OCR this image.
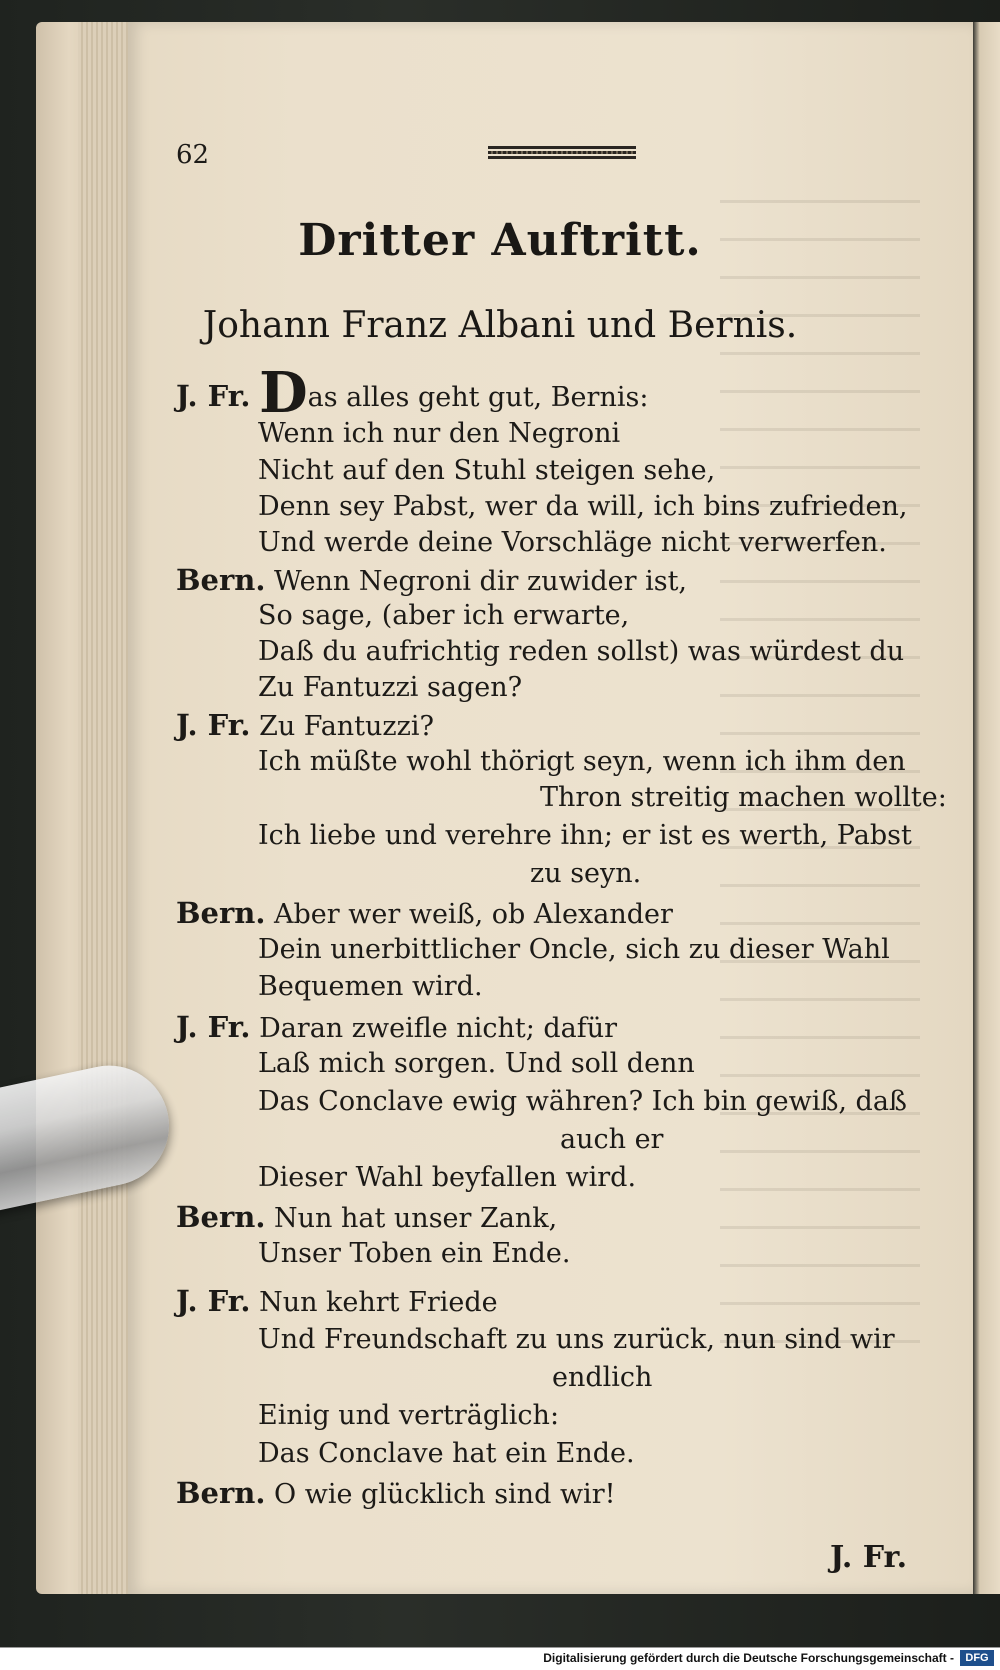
62
Dritter Auftritt.
Johann Franz Albani und Bernis.
J. Fr. Das alles geht gut, Bernis:
Wenn ich nur den Negroni
Nicht auf den Stuhl steigen sehe,
Denn sey Pabst, wer da will, ich bins zufrieden,
Und werde deine Vorschläge nicht verwerfen.
Bern. Wenn Negroni dir zuwider ist,
So sage, (aber ich erwarte,
Daß du aufrichtig reden sollst) was würdest du
Zu Fantuzzi sagen?
J. Fr. Zu Fantuzzi?
Ich müßte wohl thörigt seyn, wenn ich ihm den
Thron streitig machen wollte:
Ich liebe und verehre ihn; er ist es werth, Pabst
zu seyn.
Bern. Aber wer weiß, ob Alexander
Dein unerbittlicher Oncle, sich zu dieser Wahl
Bequemen wird.
J. Fr. Daran zweifle nicht; dafür
Laß mich sorgen. Und soll denn
Das Conclave ewig währen? Ich bin gewiß, daß
auch er
Dieser Wahl beyfallen wird.
Bern. Nun hat unser Zank,
Unser Toben ein Ende.
J. Fr. Nun kehrt Friede
Und Freundschaft zu uns zurück, nun sind wir
endlich
Einig und verträglich:
Das Conclave hat ein Ende.
Bern. O wie glücklich sind wir!
J. Fr.
Digitalisierung gefördert durch die Deutsche Forschungsgemeinschaft -	DFG
